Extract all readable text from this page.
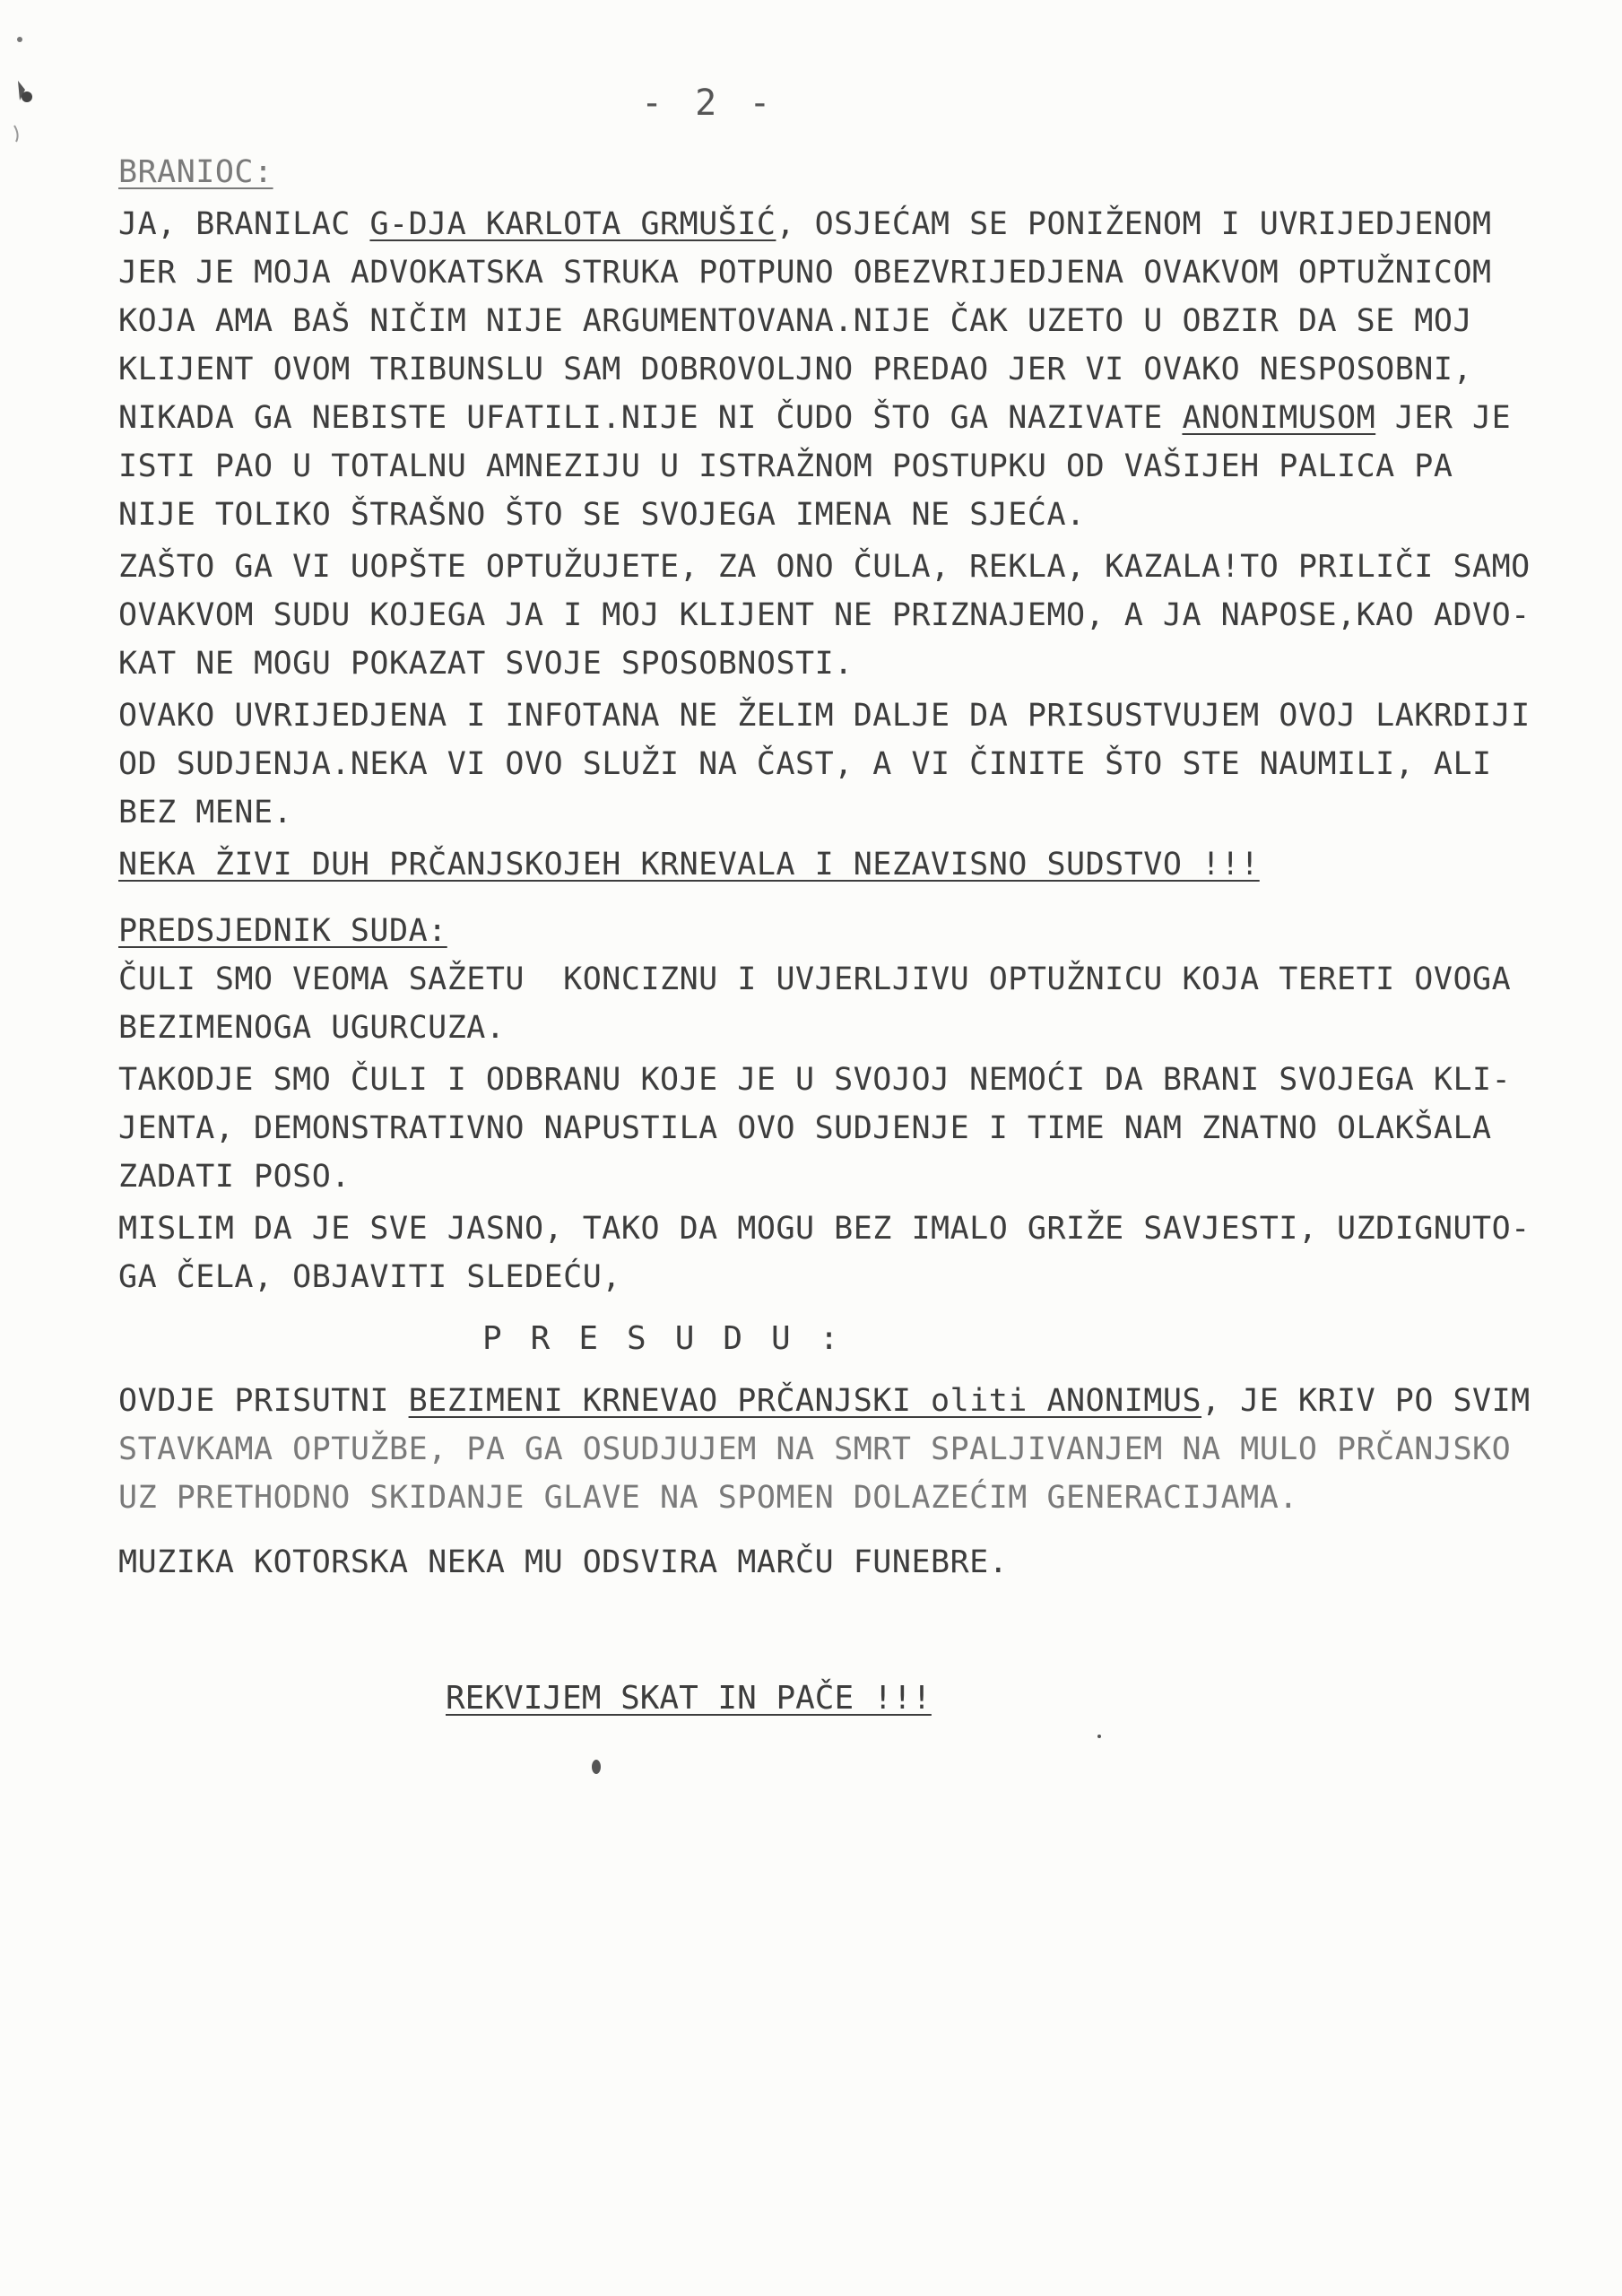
- 2 -
BRANIOC:
JA, BRANILAC G-DJA KARLOTA GRMUŠIĆ, OSJEĆAM SE PONIŽENOM I UVRIJEDJENOM
JER JE MOJA ADVOKATSKA STRUKA POTPUNO OBEZVRIJEDJENA OVAKVOM OPTUŽNICOM
KOJA AMA BAŠ NIČIM NIJE ARGUMENTOVANA.NIJE ČAK UZETO U OBZIR DA SE MOJ
KLIJENT OVOM TRIBUNSLU SAM DOBROVOLJNO PREDAO JER VI OVAKO NESPOSOBNI,
NIKADA GA NEBISTE UFATILI.NIJE NI ČUDO ŠTO GA NAZIVATE ANONIMUSOM JER JE
ISTI PAO U TOTALNU AMNEZIJU U ISTRAŽNOM POSTUPKU OD VAŠIJEH PALICA PA
NIJE TOLIKO ŠTRAŠNO ŠTO SE SVOJEGA IMENA NE SJEĆA.
ZAŠTO GA VI UOPŠTE OPTUŽUJETE, ZA ONO ČULA, REKLA, KAZALA!TO PRILIČI SAMO
OVAKVOM SUDU KOJEGA JA I MOJ KLIJENT NE PRIZNAJEMO, A JA NAPOSE,KAO ADVO-
KAT NE MOGU POKAZAT SVOJE SPOSOBNOSTI.
OVAKO UVRIJEDJENA I INFOTANA NE ŽELIM DALJE DA PRISUSTVUJEM OVOJ LAKRDIJI
OD SUDJENJA.NEKA VI OVO SLUŽI NA ČAST, A VI ČINITE ŠTO STE NAUMILI, ALI
BEZ MENE.
NEKA ŽIVI DUH PRČANJSKOJEH KRNEVALA I NEZAVISNO SUDSTVO !!!
PREDSJEDNIK SUDA:
ČULI SMO VEOMA SAŽETU  KONCIZNU I UVJERLJIVU OPTUŽNICU KOJA TERETI OVOGA
BEZIMENOGA UGURCUZA.
TAKODJE SMO ČULI I ODBRANU KOJE JE U SVOJOJ NEMOĆI DA BRANI SVOJEGA KLI-
JENTA, DEMONSTRATIVNO NAPUSTILA OVO SUDJENJE I TIME NAM ZNATNO OLAKŠALA
ZADATI POSO.
MISLIM DA JE SVE JASNO, TAKO DA MOGU BEZ IMALO GRIŽE SAVJESTI, UZDIGNUTO-
GA ČELA, OBJAVITI SLEDEĆU,
PRESUDU:
OVDJE PRISUTNI BEZIMENI KRNEVAO PRČANJSKI oliti ANONIMUS, JE KRIV PO SVIM
STAVKAMA OPTUŽBE, PA GA OSUDJUJEM NA SMRT SPALJIVANJEM NA MULO PRČANJSKO
UZ PRETHODNO SKIDANJE GLAVE NA SPOMEN DOLAZEĆIM GENERACIJAMA.
MUZIKA KOTORSKA NEKA MU ODSVIRA MARČU FUNEBRE.
REKVIJEM SKAT IN PAČE !!!
